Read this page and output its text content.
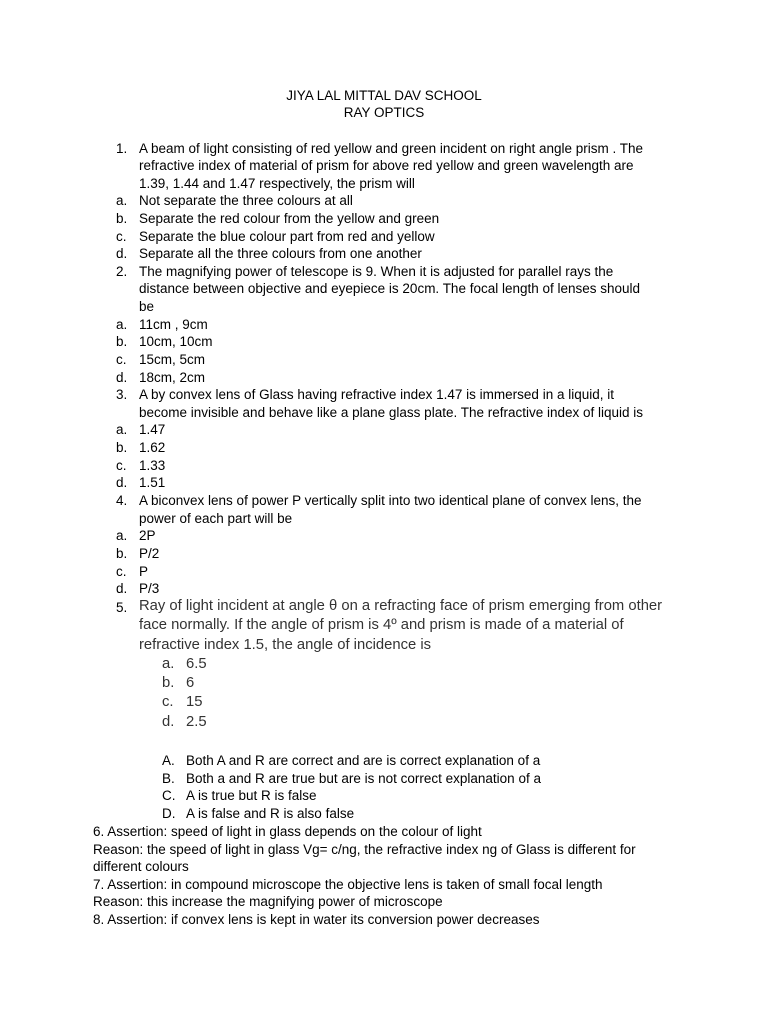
JIYA LAL MITTAL DAV SCHOOL
RAY OPTICS
1. A beam of light consisting of red yellow and green incident on right angle prism . The
refractive index of material of prism for above red yellow and green wavelength are
1.39, 1.44 and 1.47 respectively, the prism will
a. Not separate the three colours at all
b. Separate the red colour from the yellow and green
c. Separate the blue colour part from red and yellow
d. Separate all the three colours from one another
2. The magnifying power of telescope is 9. When it is adjusted for parallel rays the
distance between objective and eyepiece is 20cm. The focal length of lenses should
be
a. 11cm , 9cm
b. 10cm, 10cm
c. 15cm, 5cm
d. 18cm, 2cm
3. A by convex lens of Glass having refractive index 1.47 is immersed in a liquid, it
become invisible and behave like a plane glass plate. The refractive index of liquid is
a. 1.47
b. 1.62
c. 1.33
d. 1.51
4. A biconvex lens of power P vertically split into two identical plane of convex lens, the
power of each part will be
a. 2P
b. P/2
c. P
d. P/3
5. Ray of light incident at angle θ on a refracting face of prism emerging from other
face normally. If the angle of prism is 4º and prism is made of a material of
refractive index 1.5, the angle of incidence is
a. 6.5
b. 6
c. 15
d. 2.5
A. Both A and R are correct and are is correct explanation of a
B. Both a and R are true but are is not correct explanation of a
C. A is true but R is false
D. A is false and R is also false
6. Assertion: speed of light in glass depends on the colour of light
Reason: the speed of light in glass Vg= c/ng, the refractive index ng of Glass is different for
different colours
7. Assertion: in compound microscope the objective lens is taken of small focal length
Reason: this increase the magnifying power of microscope
8. Assertion: if convex lens is kept in water its conversion power decreases
